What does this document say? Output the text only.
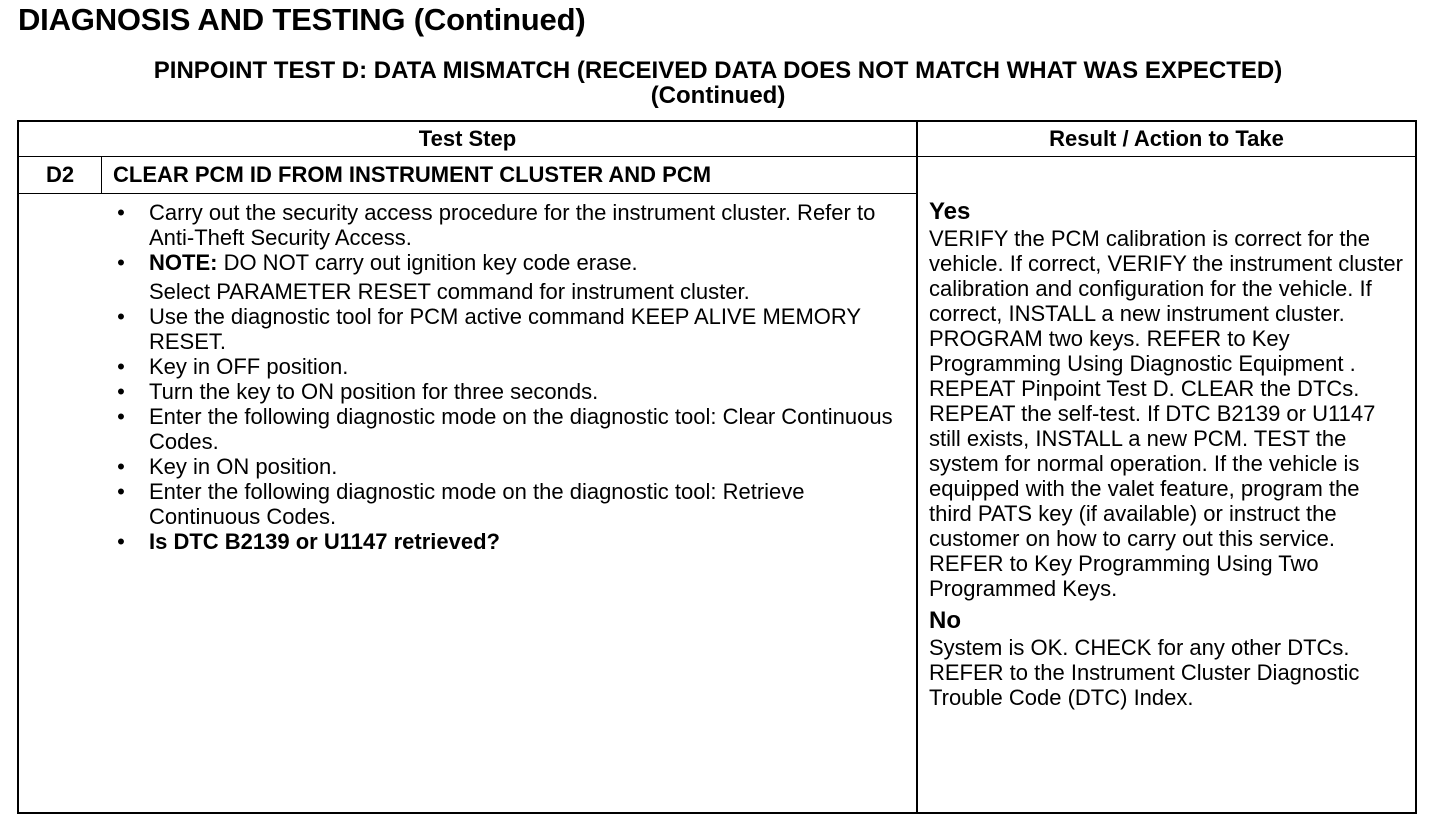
DIAGNOSIS AND TESTING (Continued)
PINPOINT TEST D: DATA MISMATCH (RECEIVED DATA DOES NOT MATCH WHAT WAS EXPECTED)
(Continued)
Test Step	Result / Action to Take
D2	CLEAR PCM ID FROM INSTRUMENT CLUSTER AND PCM
• Carry out the security access procedure for the instrument cluster. Refer to Anti-Theft Security Access.
• NOTE: DO NOT carry out ignition key code erase.
Select PARAMETER RESET command for instrument cluster.
• Use the diagnostic tool for PCM active command KEEP ALIVE MEMORY RESET.
• Key in OFF position.
• Turn the key to ON position for three seconds.
• Enter the following diagnostic mode on the diagnostic tool: Clear Continuous Codes.
• Key in ON position.
• Enter the following diagnostic mode on the diagnostic tool: Retrieve Continuous Codes.
• Is DTC B2139 or U1147 retrieved?
Yes

VERIFY the PCM calibration is correct for the vehicle. If correct, VERIFY the instrument cluster calibration and configuration for the vehicle. If correct, INSTALL a new instrument cluster. PROGRAM two keys. REFER to Key Programming Using Diagnostic Equipment . REPEAT Pinpoint Test D. CLEAR the DTCs. REPEAT the self-test. If DTC B2139 or U1147 still exists, INSTALL a new PCM. TEST the system for normal operation. If the vehicle is equipped with the valet feature, program the third PATS key (if available) or instruct the customer on how to carry out this service. REFER to Key Programming Using Two Programmed Keys.

No

System is OK. CHECK for any other DTCs. REFER to the Instrument Cluster Diagnostic Trouble Code (DTC) Index.
